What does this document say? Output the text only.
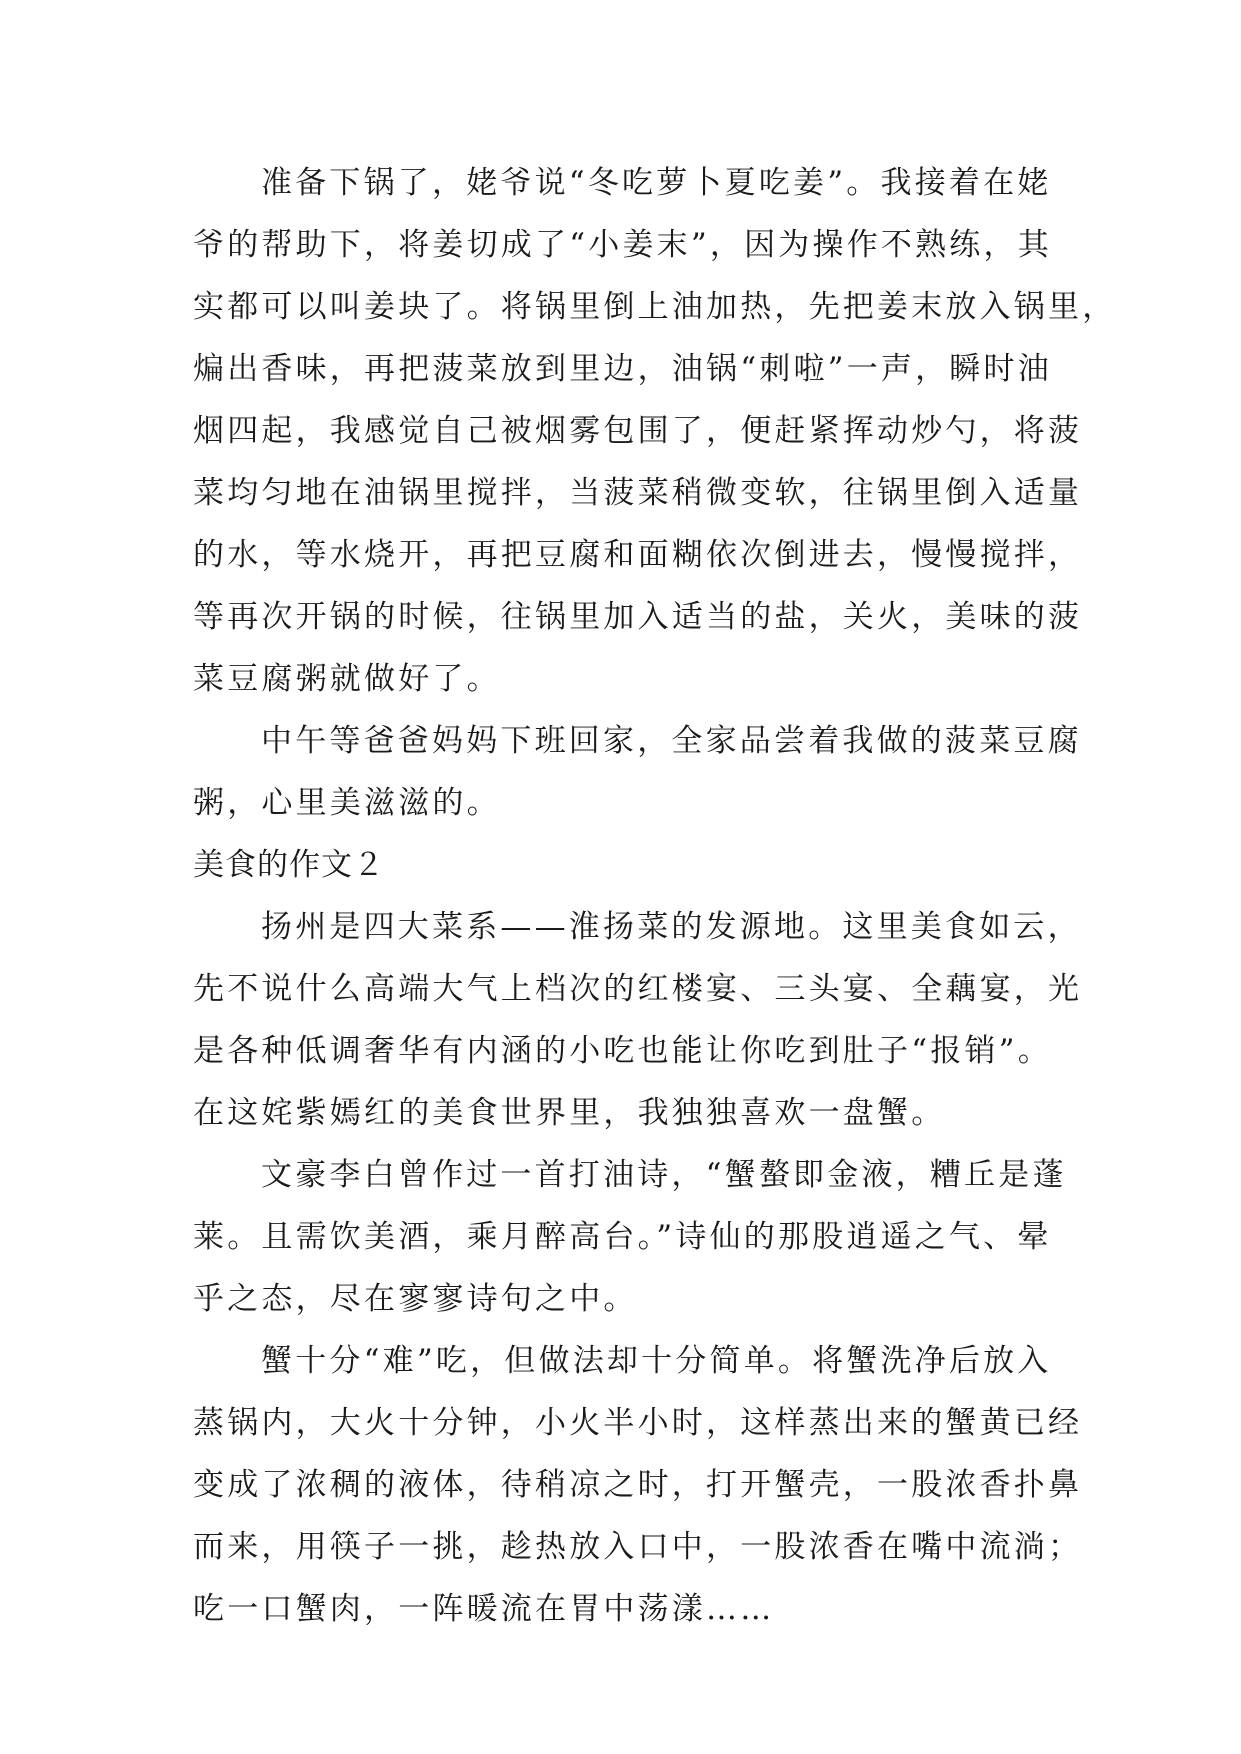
准备下锅了，姥爷说“冬吃萝卜夏吃姜”。我接着在姥
爷的帮助下，将姜切成了“小姜末”，因为操作不熟练，其
实都可以叫姜块了。将锅里倒上油加热，先把姜末放入锅里，
煸出香味，再把菠菜放到里边，油锅“刺啦”一声，瞬时油
烟四起，我感觉自己被烟雾包围了，便赶紧挥动炒勺，将菠
菜均匀地在油锅里搅拌，当菠菜稍微变软，往锅里倒入适量
的水，等水烧开，再把豆腐和面糊依次倒进去，慢慢搅拌，
等再次开锅的时候，往锅里加入适当的盐，关火，美味的菠
菜豆腐粥就做好了。
中午等爸爸妈妈下班回家，全家品尝着我做的菠菜豆腐
粥，心里美滋滋的。
美食的作文２
扬州是四大菜系——淮扬菜的发源地。这里美食如云，
先不说什么高端大气上档次的红楼宴、三头宴、全藕宴，光
是各种低调奢华有内涵的小吃也能让你吃到肚子“报销”。
在这姹紫嫣红的美食世界里，我独独喜欢一盘蟹。
文豪李白曾作过一首打油诗，“蟹螯即金液，糟丘是蓬
莱。且需饮美酒，乘月醉高台。”诗仙的那股逍遥之气、晕
乎之态，尽在寥寥诗句之中。
蟹十分“难”吃，但做法却十分简单。将蟹洗净后放入
蒸锅内，大火十分钟，小火半小时，这样蒸出来的蟹黄已经
变成了浓稠的液体，待稍凉之时，打开蟹壳，一股浓香扑鼻
而来，用筷子一挑，趁热放入口中，一股浓香在嘴中流淌；
吃一口蟹肉，一阵暖流在胃中荡漾……
